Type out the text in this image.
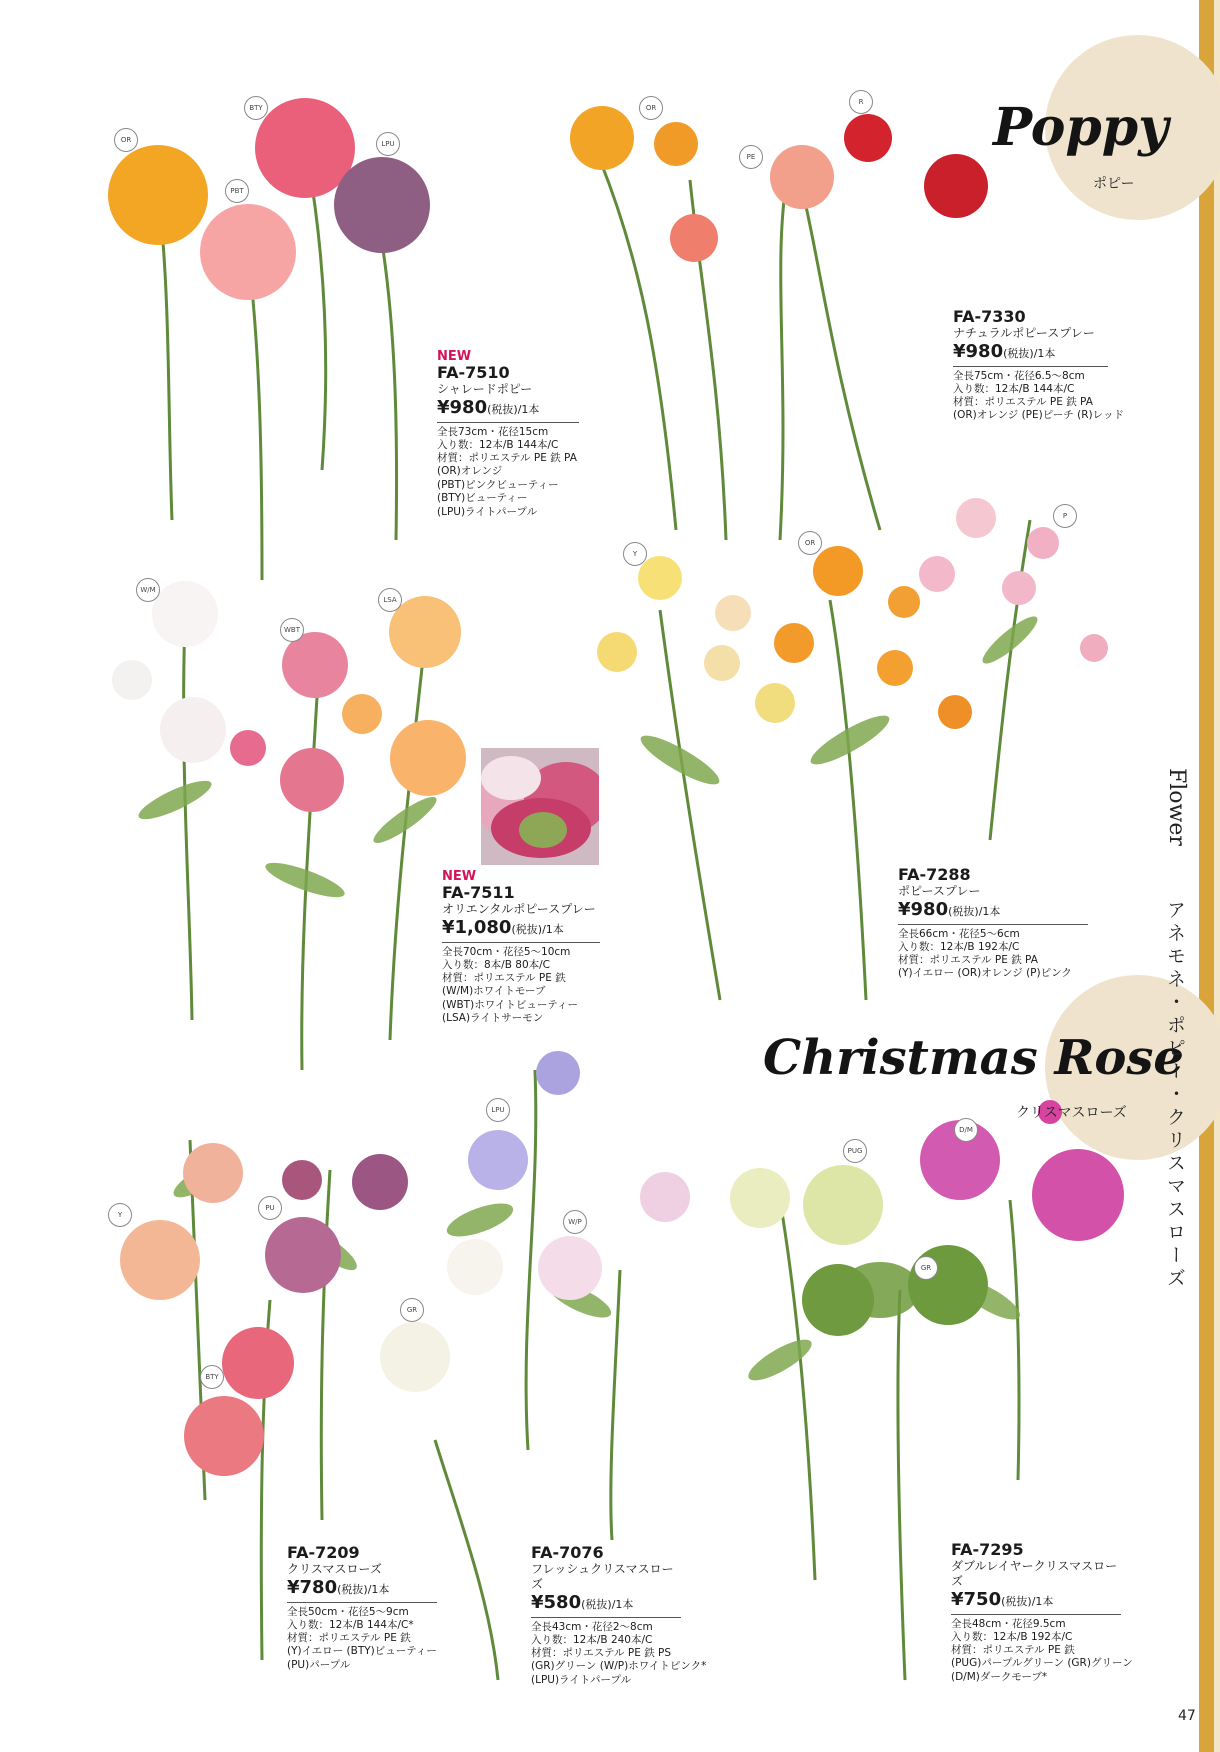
Poppy
ポピー
Christmas Rose
クリスマスローズ
Flower
アネモネ・ポピー・クリスマスローズ
OR
BTY
PBT
LPU
OR
R
PE
W/M
WBT
LSA
Y
OR
P
Y
PU
BTY
LPU
W/P
GR
PUG
D/M
GR
NEW
FA-7510
シャレードポピー
¥980(税抜)/1本
全長73cm・花径15cm
入り数：12本/B 144本/C
材質：ポリエステル PE 鉄 PA
(OR)オレンジ
(PBT)ピンクビューティー
(BTY)ビューティー
(LPU)ライトパープル
FA-7330
ナチュラルポピースプレー
¥980(税抜)/1本
全長75cm・花径6.5〜8cm
入り数：12本/B 144本/C
材質：ポリエステル PE 鉄 PA
(OR)オレンジ (PE)ピーチ (R)レッド
NEW
FA-7511
オリエンタルポピースプレー
¥1,080(税抜)/1本
全長70cm・花径5〜10cm
入り数：8本/B 80本/C
材質：ポリエステル PE 鉄
(W/M)ホワイトモーブ
(WBT)ホワイトビューティー
(LSA)ライトサーモン
FA-7288
ポピースプレー
¥980(税抜)/1本
全長66cm・花径5〜6cm
入り数：12本/B 192本/C
材質：ポリエステル PE 鉄 PA
(Y)イエロー (OR)オレンジ (P)ピンク
FA-7209
クリスマスローズ
¥780(税抜)/1本
全長50cm・花径5〜9cm
入り数：12本/B 144本/C*
材質：ポリエステル PE 鉄
(Y)イエロー (BTY)ビューティー
(PU)パープル
FA-7076
フレッシュクリスマスローズ
¥580(税抜)/1本
全長43cm・花径2〜8cm
入り数：12本/B 240本/C
材質：ポリエステル PE 鉄 PS
(GR)グリーン (W/P)ホワイトピンク*
(LPU)ライトパープル
FA-7295
ダブルレイヤークリスマスローズ
¥750(税抜)/1本
全長48cm・花径9.5cm
入り数：12本/B 192本/C
材質：ポリエステル PE 鉄
(PUG)パープルグリーン (GR)グリーン
(D/M)ダークモーブ*
47
